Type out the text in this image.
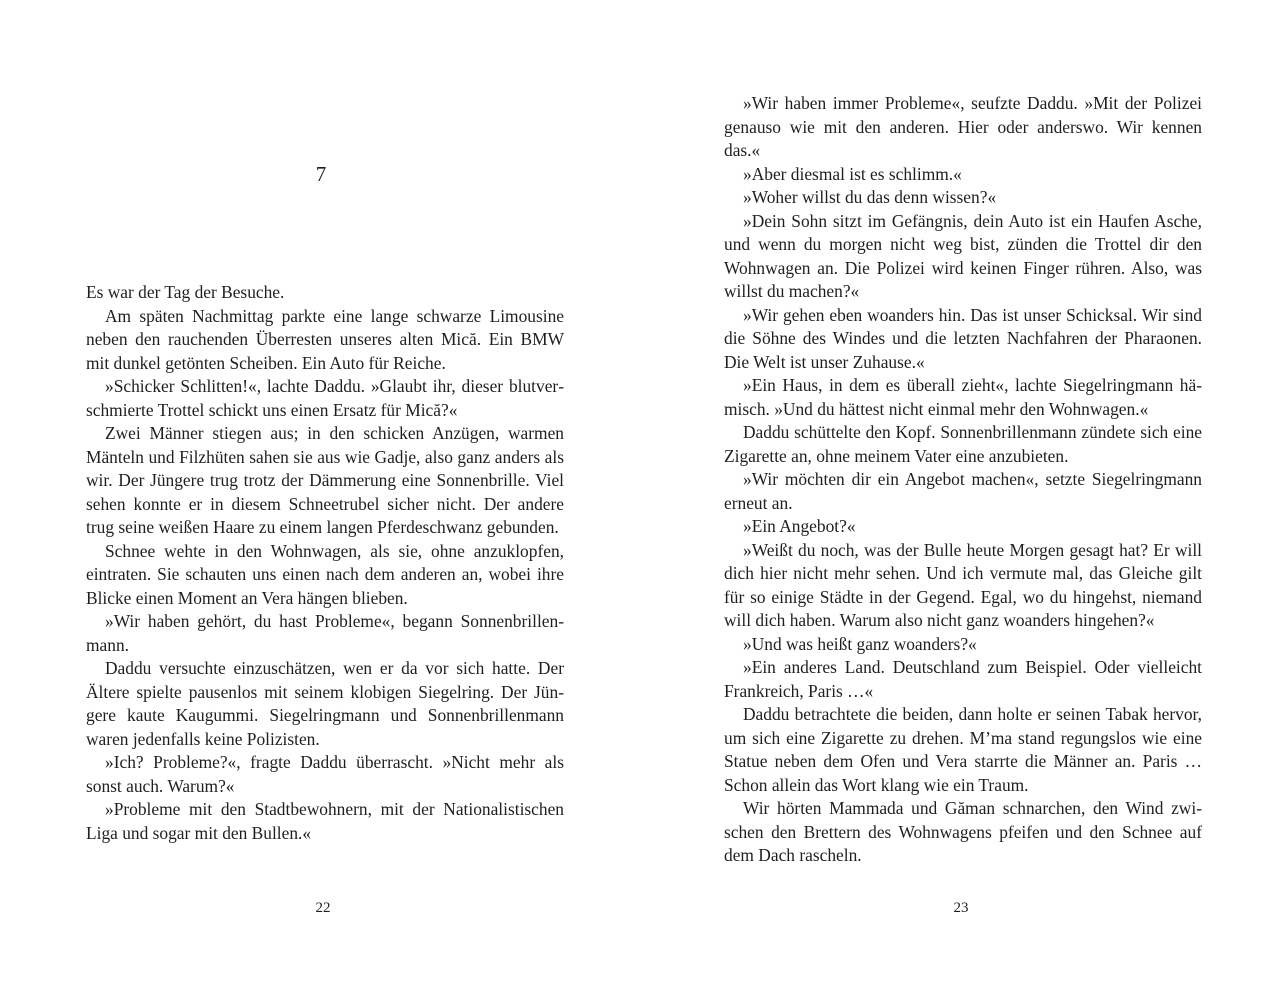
7

Es war der Tag der Besuche.

Am späten Nachmittag parkte eine lange schwarze Limousine neben den rauchenden Überresten unseres alten Mică. Ein BMW mit dunkel getönten Scheiben. Ein Auto für Reiche.

»Schicker Schlitten!«, lachte Daddu. »Glaubt ihr, dieser blutverschmierte Trottel schickt uns einen Ersatz für Mică?«

Zwei Männer stiegen aus; in den schicken Anzügen, warmen Mänteln und Filzhüten sahen sie aus wie Gadje, also ganz anders als wir. Der Jüngere trug trotz der Dämmerung eine Sonnenbrille. Viel sehen konnte er in diesem Schneetrubel sicher nicht. Der andere trug seine weißen Haare zu einem langen Pferdeschwanz gebunden.

Schnee wehte in den Wohnwagen, als sie, ohne anzuklopfen, eintraten. Sie schauten uns einen nach dem anderen an, wobei ihre Blicke einen Moment an Vera hängen blieben.

»Wir haben gehört, du hast Probleme«, begann Sonnenbrillenmann.

Daddu versuchte einzuschätzen, wen er da vor sich hatte. Der Ältere spielte pausenlos mit seinem klobigen Siegelring. Der Jüngere kaute Kaugummi. Siegelringmann und Sonnenbrillenmann waren jedenfalls keine Polizisten.

»Ich? Probleme?«, fragte Daddu überrascht. »Nicht mehr als sonst auch. Warum?«

»Probleme mit den Stadtbewohnern, mit der Nationalistischen Liga und sogar mit den Bullen.«

22

»Wir haben immer Probleme«, seufzte Daddu. »Mit der Polizei genauso wie mit den anderen. Hier oder anderswo. Wir kennen das.«

»Aber diesmal ist es schlimm.«

»Woher willst du das denn wissen?«

»Dein Sohn sitzt im Gefängnis, dein Auto ist ein Haufen Asche, und wenn du morgen nicht weg bist, zünden die Trottel dir den Wohnwagen an. Die Polizei wird keinen Finger rühren. Also, was willst du machen?«

»Wir gehen eben woanders hin. Das ist unser Schicksal. Wir sind die Söhne des Windes und die letzten Nachfahren der Pharaonen. Die Welt ist unser Zuhause.«

»Ein Haus, in dem es überall zieht«, lachte Siegelringmann hämisch. »Und du hättest nicht einmal mehr den Wohnwagen.«

Daddu schüttelte den Kopf. Sonnenbrillenmann zündete sich eine Zigarette an, ohne meinem Vater eine anzubieten.

»Wir möchten dir ein Angebot machen«, setzte Siegelringmann erneut an.

»Ein Angebot?«

»Weißt du noch, was der Bulle heute Morgen gesagt hat? Er will dich hier nicht mehr sehen. Und ich vermute mal, das Gleiche gilt für so einige Städte in der Gegend. Egal, wo du hingehst, niemand will dich haben. Warum also nicht ganz woanders hingehen?«

»Und was heißt ganz woanders?«

»Ein anderes Land. Deutschland zum Beispiel. Oder vielleicht Frankreich, Paris …«

Daddu betrachtete die beiden, dann holte er seinen Tabak hervor, um sich eine Zigarette zu drehen. M’ma stand regungslos wie eine Statue neben dem Ofen und Vera starrte die Männer an. Paris … Schon allein das Wort klang wie ein Traum.

Wir hörten Mammada und Găman schnarchen, den Wind zwischen den Brettern des Wohnwagens pfeifen und den Schnee auf dem Dach rascheln.

23
